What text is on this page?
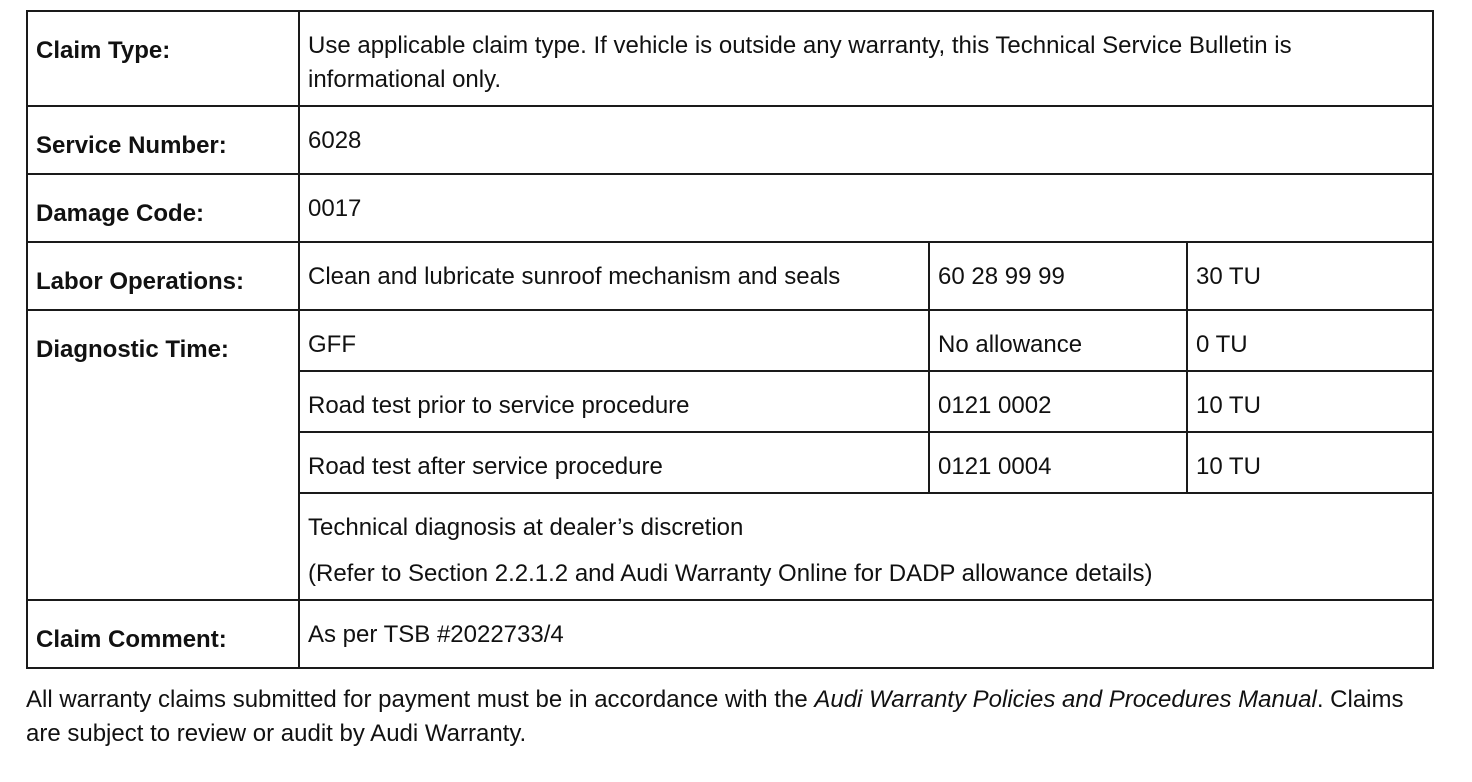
Claim Type:	Use applicable claim type. If vehicle is outside any warranty, this Technical Service Bulletin is informational only.		
Service Number:	6028		
Damage Code:	0017		
Labor Operations:	Clean and lubricate sunroof mechanism and seals	60 28 99 99	30 TU
Diagnostic Time:	GFF	No allowance	0 TU
	Road test prior to service procedure	0121 0002	10 TU
	Road test after service procedure	0121 0004	10 TU

	Technical diagnosis at dealer’s discretion
(Refer to Section 2.2.1.2 and Audi Warranty Online for DADP allowance details)		

Claim Comment:	As per TSB #2022733/4		

All warranty claims submitted for payment must be in accordance with the Audi Warranty Policies and Procedures Manual. Claims are subject to review or audit by Audi Warranty.
